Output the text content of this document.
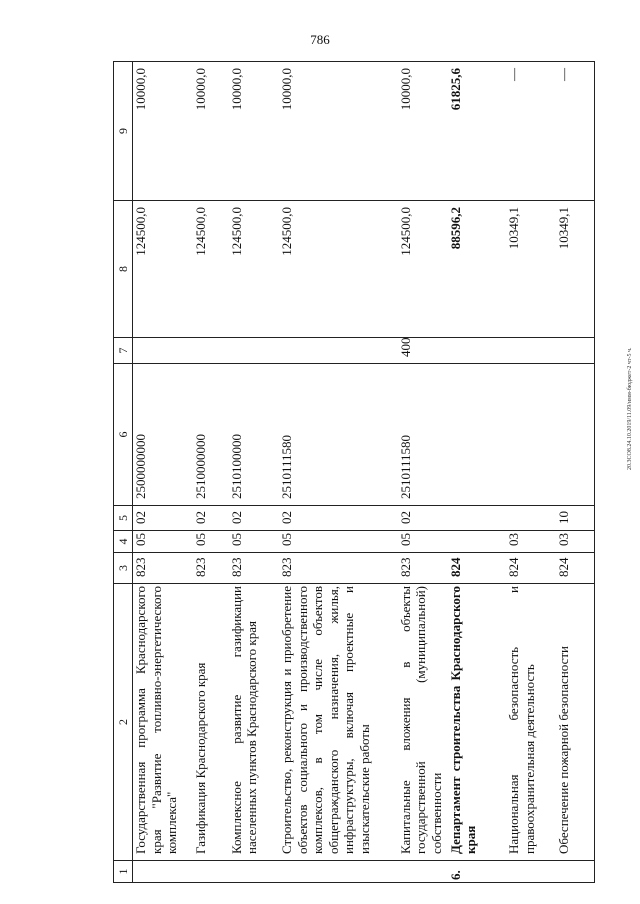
786
20.3CО8.24.10.2019/11.09/имм-бюджет-2 чт-5 ч.
1	2	3	4	5	6	7	8	9
	Государственная программа Краснодарского края "Развитие топливно-энергетического комплекса"	823	05	02	2500000000		124500,0	10000,0
	Газификация Краснодарского края	823	05	02	2510000000		124500,0	10000,0
	Комплексное развитие газификации населенных пунктов Краснодарского края	823	05	02	2510100000		124500,0	10000,0
	Строительство, реконструкция и приобретение объектов социального и производственного комплексов, в том числе объектов общегражданского назначения, жилья, инфраструктуры, включая проектные и изыскательские работы	823	05	02	2510111580		124500,0	10000,0
	Капитальные вложения в объекты государственной (муниципальной) собственности	823	05	02	2510111580	400	124500,0	10000,0
6.	Департамент строительства Краснодарского края	824					88596,2	61825,6
	Национальная безопасность и правоохранительная деятельность	824	03				10349,1	—
	Обеспечение пожарной безопасности	824	03	10			10349,1	—
